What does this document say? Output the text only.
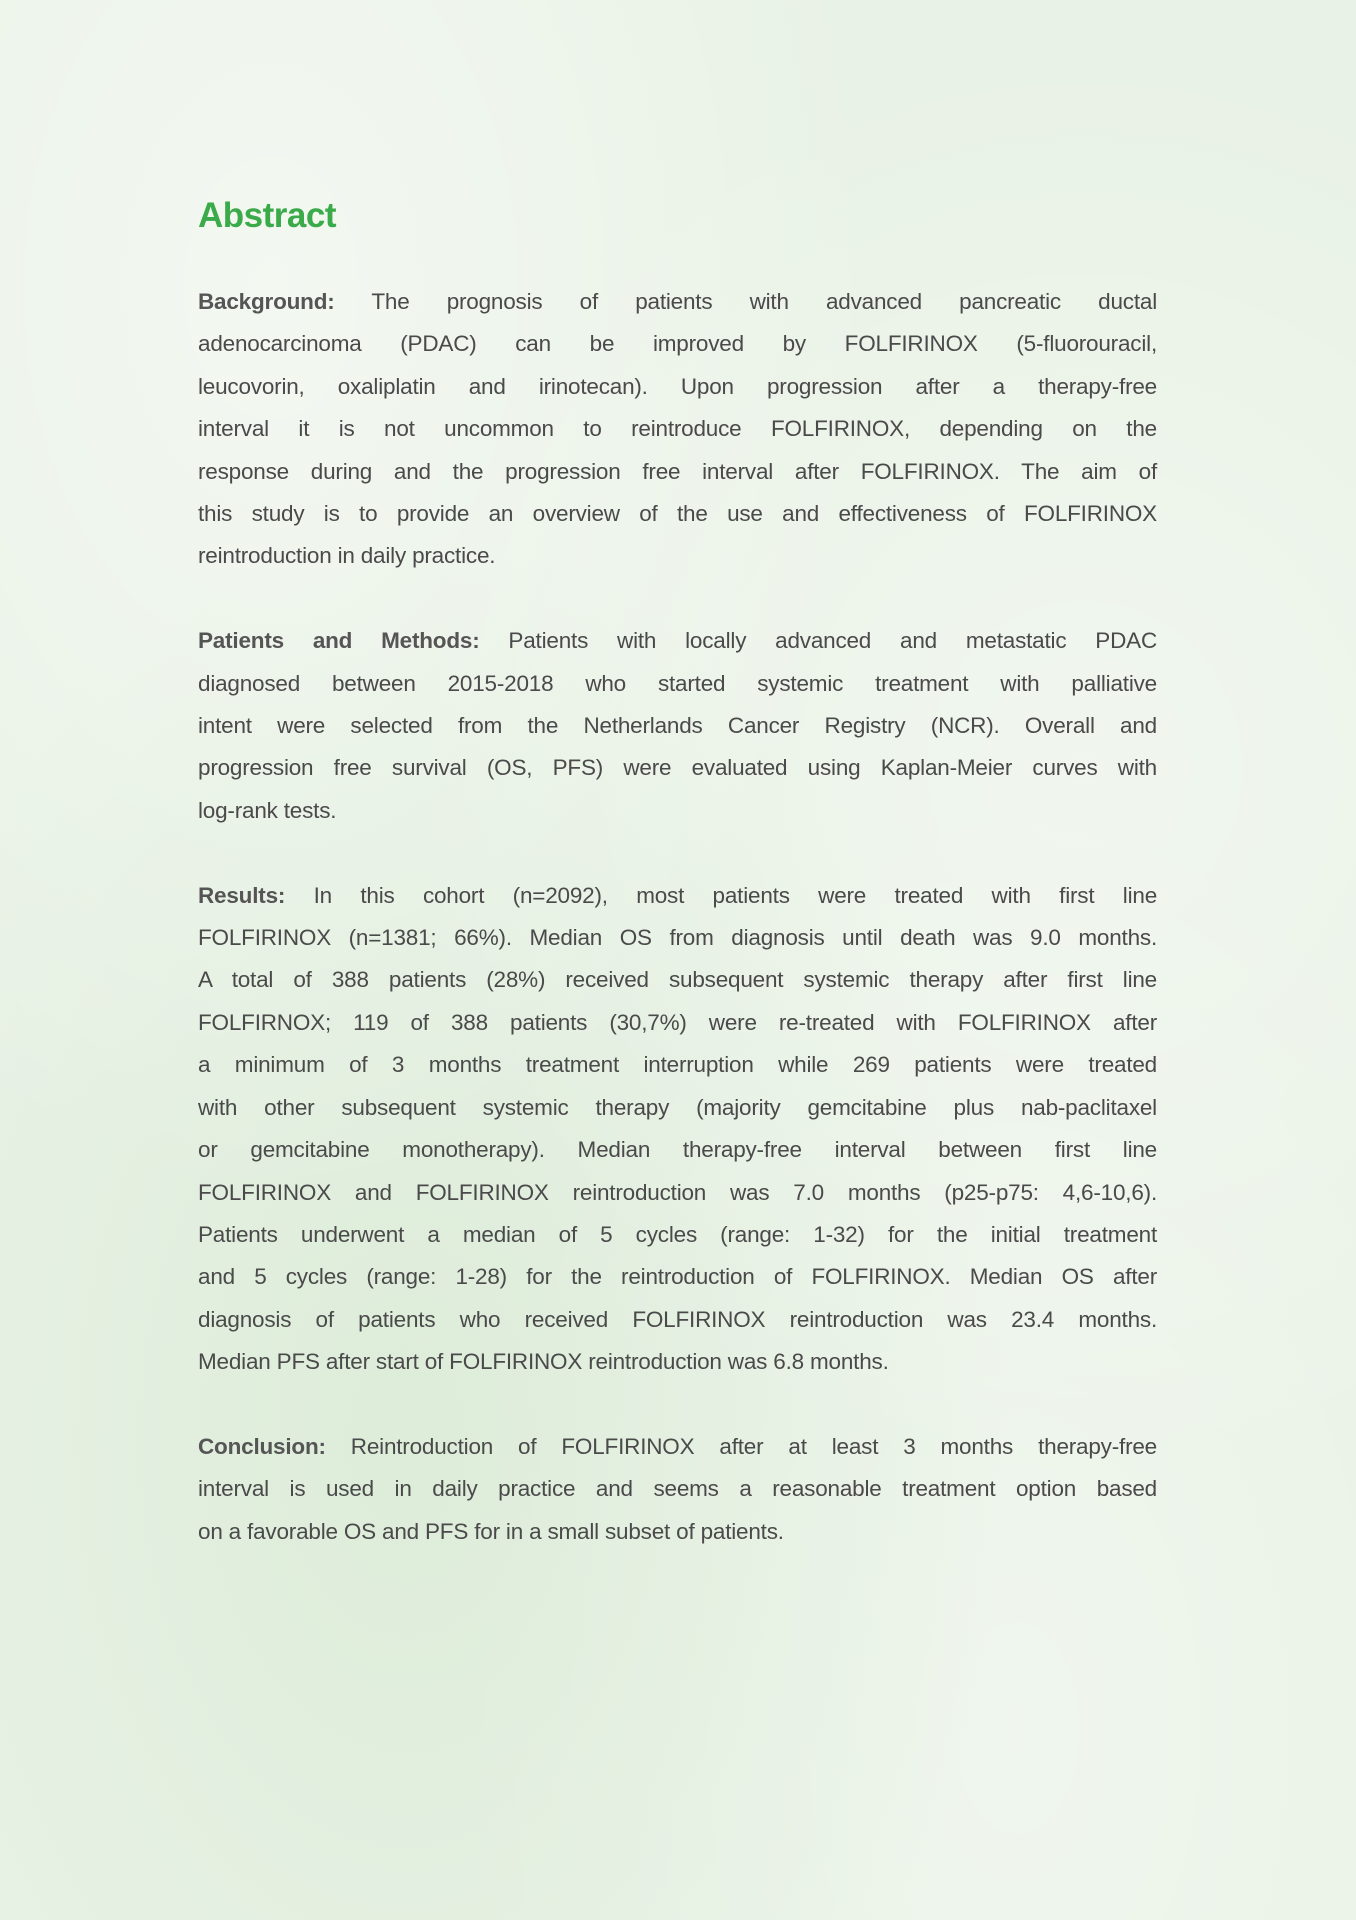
Abstract
Background: The prognosis of patients with advanced pancreatic ductal
adenocarcinoma (PDAC) can be improved by FOLFIRINOX (5-fluorouracil,
leucovorin, oxaliplatin and irinotecan). Upon progression after a therapy-free
interval it is not uncommon to reintroduce FOLFIRINOX, depending on the
response during and the progression free interval after FOLFIRINOX. The aim of
this study is to provide an overview of the use and effectiveness of FOLFIRINOX
reintroduction in daily practice.
Patients and Methods: Patients with locally advanced and metastatic PDAC
diagnosed between 2015-2018 who started systemic treatment with palliative
intent were selected from the Netherlands Cancer Registry (NCR). Overall and
progression free survival (OS, PFS) were evaluated using Kaplan-Meier curves with
log-rank tests.
Results: In this cohort (n=2092), most patients were treated with first line
FOLFIRINOX (n=1381; 66%). Median OS from diagnosis until death was 9.0 months.
A total of 388 patients (28%) received subsequent systemic therapy after first line
FOLFIRNOX; 119 of 388 patients (30,7%) were re-treated with FOLFIRINOX after
a minimum of 3 months treatment interruption while 269 patients were treated
with other subsequent systemic therapy (majority gemcitabine plus nab-paclitaxel
or gemcitabine monotherapy). Median therapy-free interval between first line
FOLFIRINOX and FOLFIRINOX reintroduction was 7.0 months (p25-p75: 4,6-10,6).
Patients underwent a median of 5 cycles (range: 1-32) for the initial treatment
and 5 cycles (range: 1-28) for the reintroduction of FOLFIRINOX. Median OS after
diagnosis of patients who received FOLFIRINOX reintroduction was 23.4 months.
Median PFS after start of FOLFIRINOX reintroduction was 6.8 months.
Conclusion: Reintroduction of FOLFIRINOX after at least 3 months therapy-free
interval is used in daily practice and seems a reasonable treatment option based
on a favorable OS and PFS for in a small subset of patients.
